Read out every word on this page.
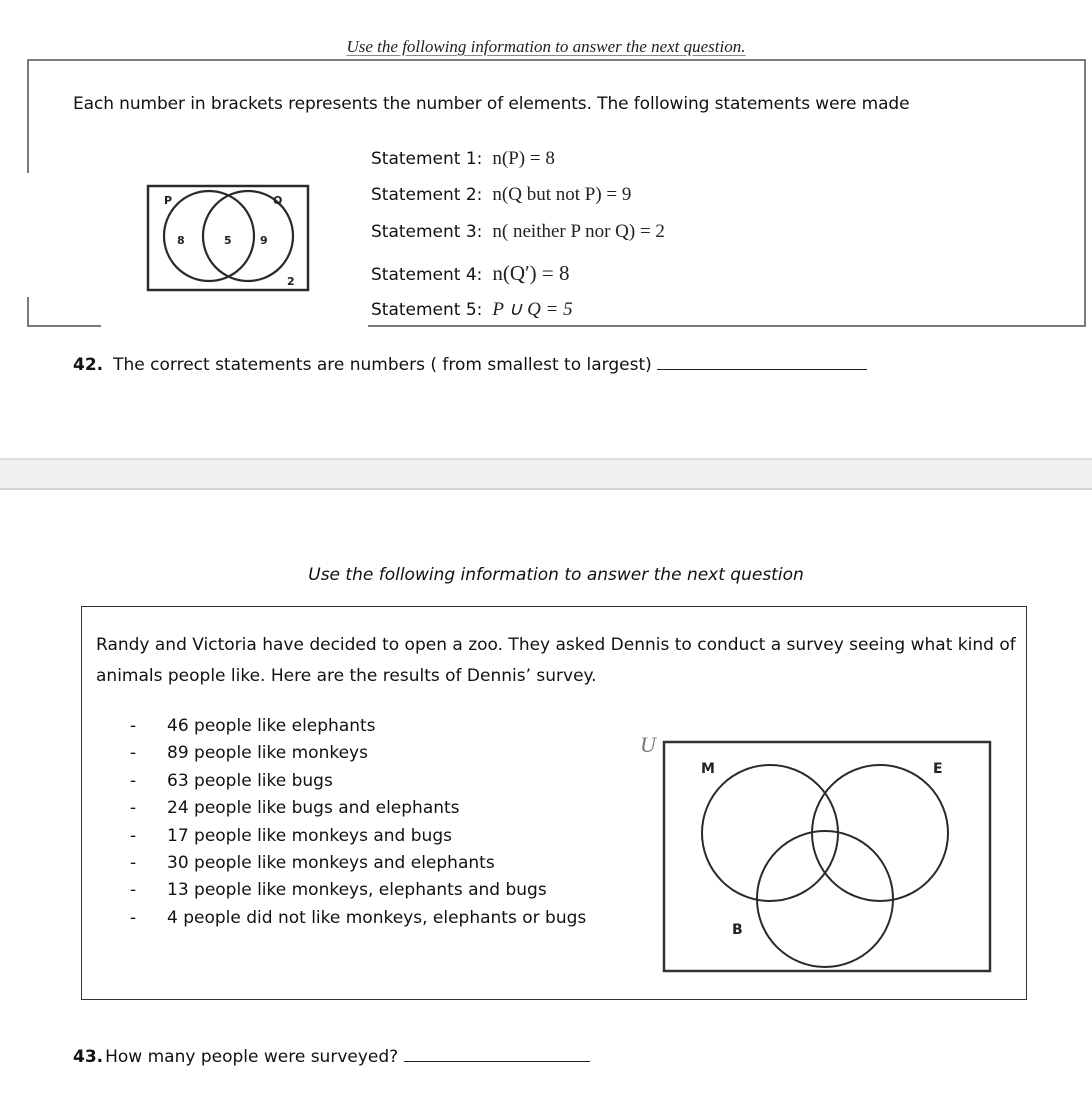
Use the following information to answer the next question.
Each number in brackets represents the number of elements. The following statements were made
P	Q
8	5	9
2
Statement 1: n(P) = 8
Statement 2: n(Q but not P) = 9
Statement 3: n( neither P nor Q) = 2
Statement 4: n(Q′) = 8
Statement 5: P ∪ Q = 5
42. The correct statements are numbers ( from smallest to largest)
Use the following information to answer the next question
Randy and Victoria have decided to open a zoo. They asked Dennis to conduct a survey seeing what kind of animals people like. Here are the results of Dennis’ survey.
- 46 people like elephants
- 89 people like monkeys
- 63 people like bugs
- 24 people like bugs and elephants
- 17 people like monkeys and bugs
- 30 people like monkeys and elephants
- 13 people like monkeys, elephants and bugs
- 4 people did not like monkeys, elephants or bugs
U
M	E
B
43. How many people were surveyed?
